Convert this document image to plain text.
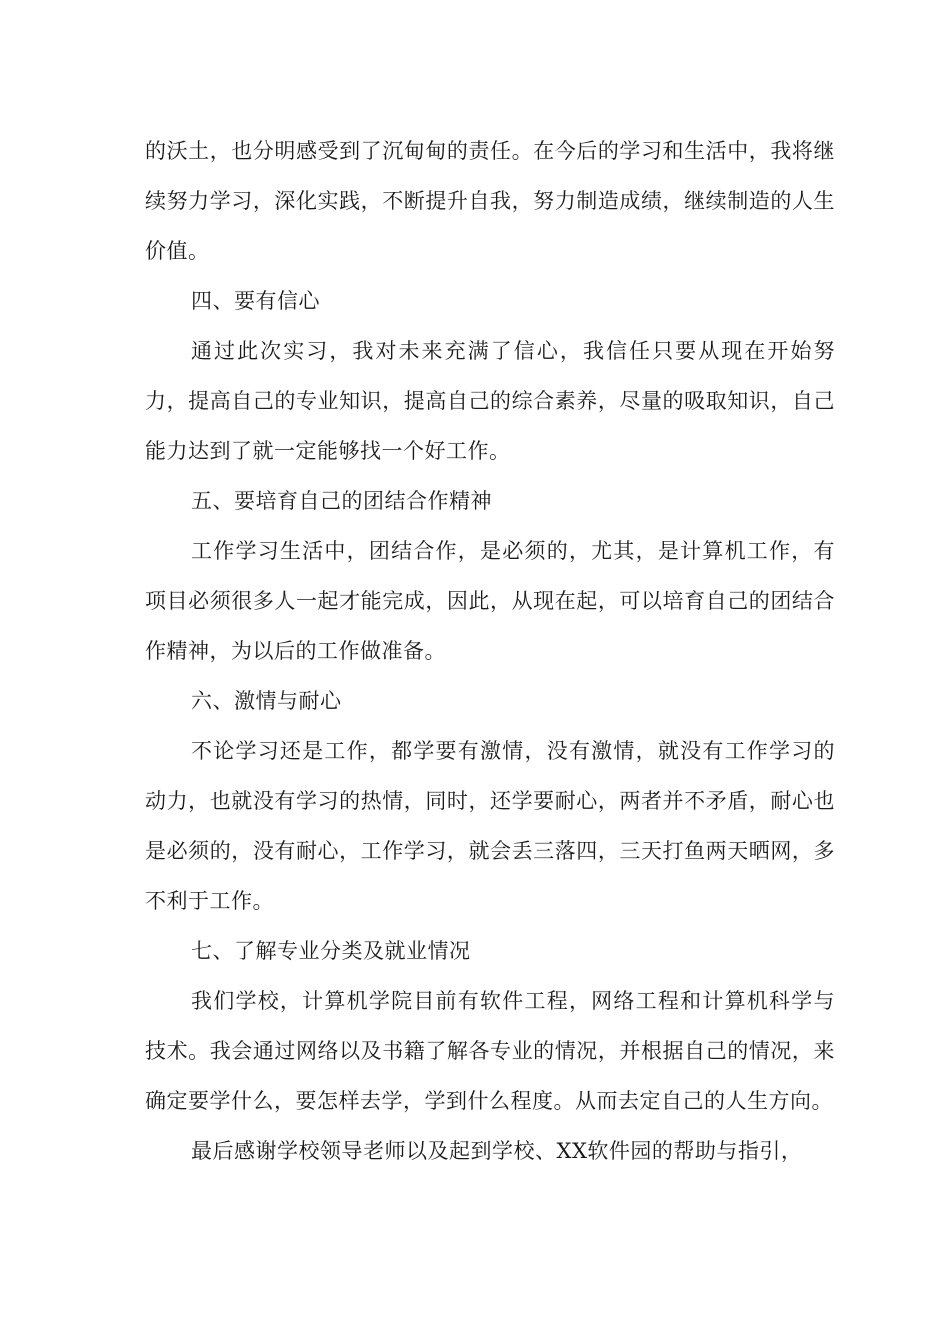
的沃土，也分明感受到了沉甸甸的责任。在今后的学习和生活中，我将继续努力学习，深化实践，不断提升自我，努力制造成绩，继续制造的人生价值。

四、要有信心

通过此次实习，我对未来充满了信心，我信任只要从现在开始努力，提高自己的专业知识，提高自己的综合素养，尽量的吸取知识，自己能力达到了就一定能够找一个好工作。

五、要培育自己的团结合作精神

工作学习生活中，团结合作，是必须的，尤其，是计算机工作，有项目必须很多人一起才能完成，因此，从现在起，可以培育自己的团结合作精神，为以后的工作做准备。

六、激情与耐心

不论学习还是工作，都学要有激情，没有激情，就没有工作学习的动力，也就没有学习的热情，同时，还学要耐心，两者并不矛盾，耐心也是必须的，没有耐心，工作学习，就会丢三落四，三天打鱼两天晒网，多不利于工作。

七、了解专业分类及就业情况

我们学校，计算机学院目前有软件工程，网络工程和计算机科学与技术。我会通过网络以及书籍了解各专业的情况，并根据自己的情况，来确定要学什么，要怎样去学，学到什么程度。从而去定自己的人生方向。

最后感谢学校领导老师以及起到学校、XX软件园的帮助与指引，
